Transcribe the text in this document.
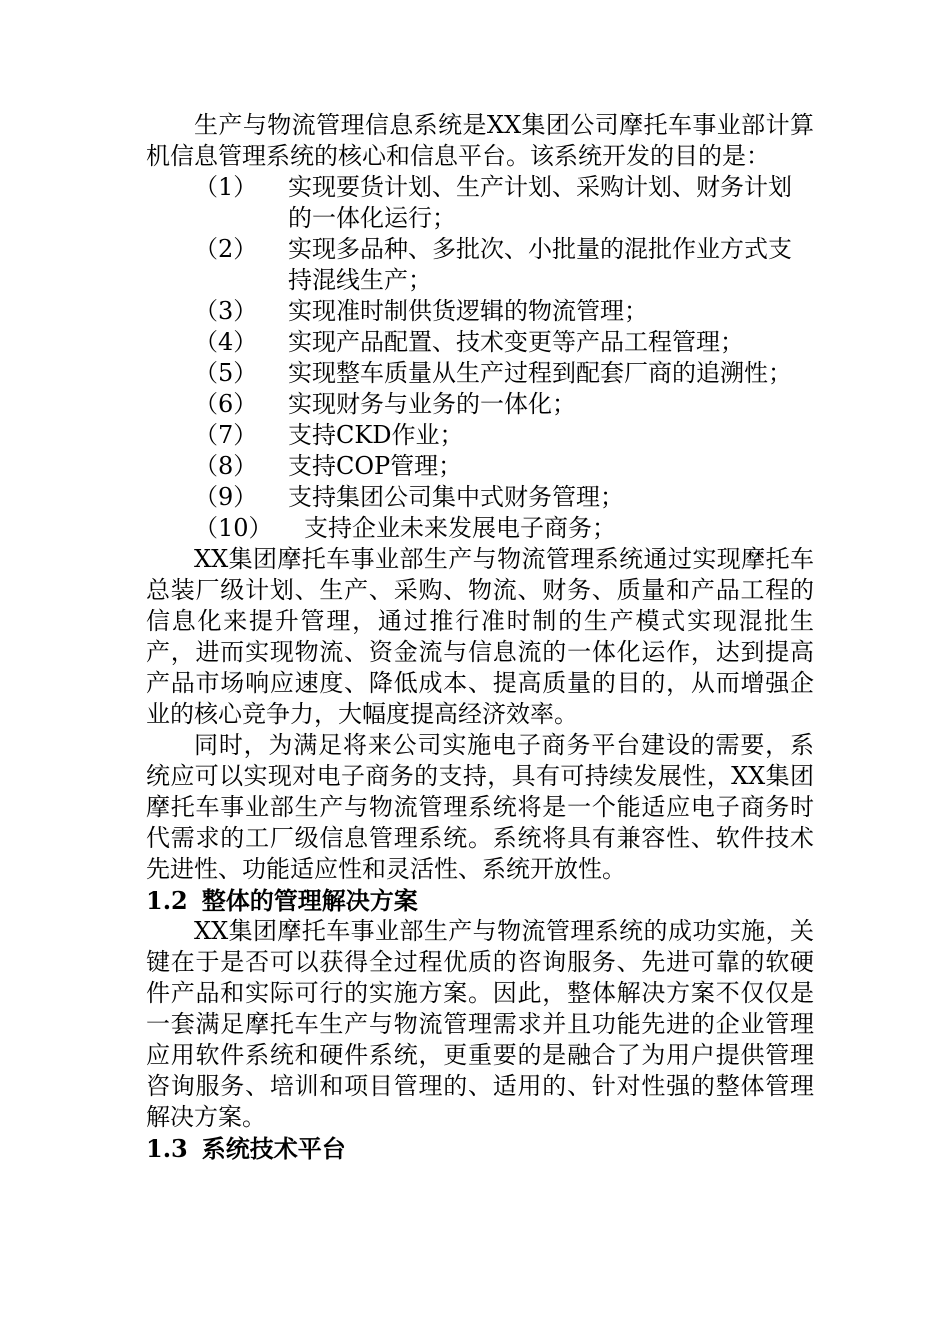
生产与物流管理信息系统是XX集团公司摩托车事业部计算机信息管理系统的核心和信息平台。该系统开发的目的是：

（1）	实现要货计划、生产计划、采购计划、财务计划的一体化运行；
（2）	实现多品种、多批次、小批量的混批作业方式支持混线生产；
（3）	实现准时制供货逻辑的物流管理；
（4）	实现产品配置、技术变更等产品工程管理；
（5）	实现整车质量从生产过程到配套厂商的追溯性；
（6）	实现财务与业务的一体化；
（7）	支持CKD作业；
（8）	支持COP管理；
（9）	支持集团公司集中式财务管理；
（10）	支持企业未来发展电子商务；

XX集团摩托车事业部生产与物流管理系统通过实现摩托车总装厂级计划、生产、采购、物流、财务、质量和产品工程的信息化来提升管理，通过推行准时制的生产模式实现混批生产，进而实现物流、资金流与信息流的一体化运作，达到提高产品市场响应速度、降低成本、提高质量的目的，从而增强企业的核心竞争力，大幅度提高经济效率。

同时，为满足将来公司实施电子商务平台建设的需要，系统应可以实现对电子商务的支持，具有可持续发展性，XX集团摩托车事业部生产与物流管理系统将是一个能适应电子商务时代需求的工厂级信息管理系统。系统将具有兼容性、软件技术先进性、功能适应性和灵活性、系统开放性。

1.2 整体的管理解决方案

XX集团摩托车事业部生产与物流管理系统的成功实施，关键在于是否可以获得全过程优质的咨询服务、先进可靠的软硬件产品和实际可行的实施方案。因此，整体解决方案不仅仅是一套满足摩托车生产与物流管理需求并且功能先进的企业管理应用软件系统和硬件系统，更重要的是融合了为用户提供管理咨询服务、培训和项目管理的、适用的、针对性强的整体管理解决方案。

1.3 系统技术平台
